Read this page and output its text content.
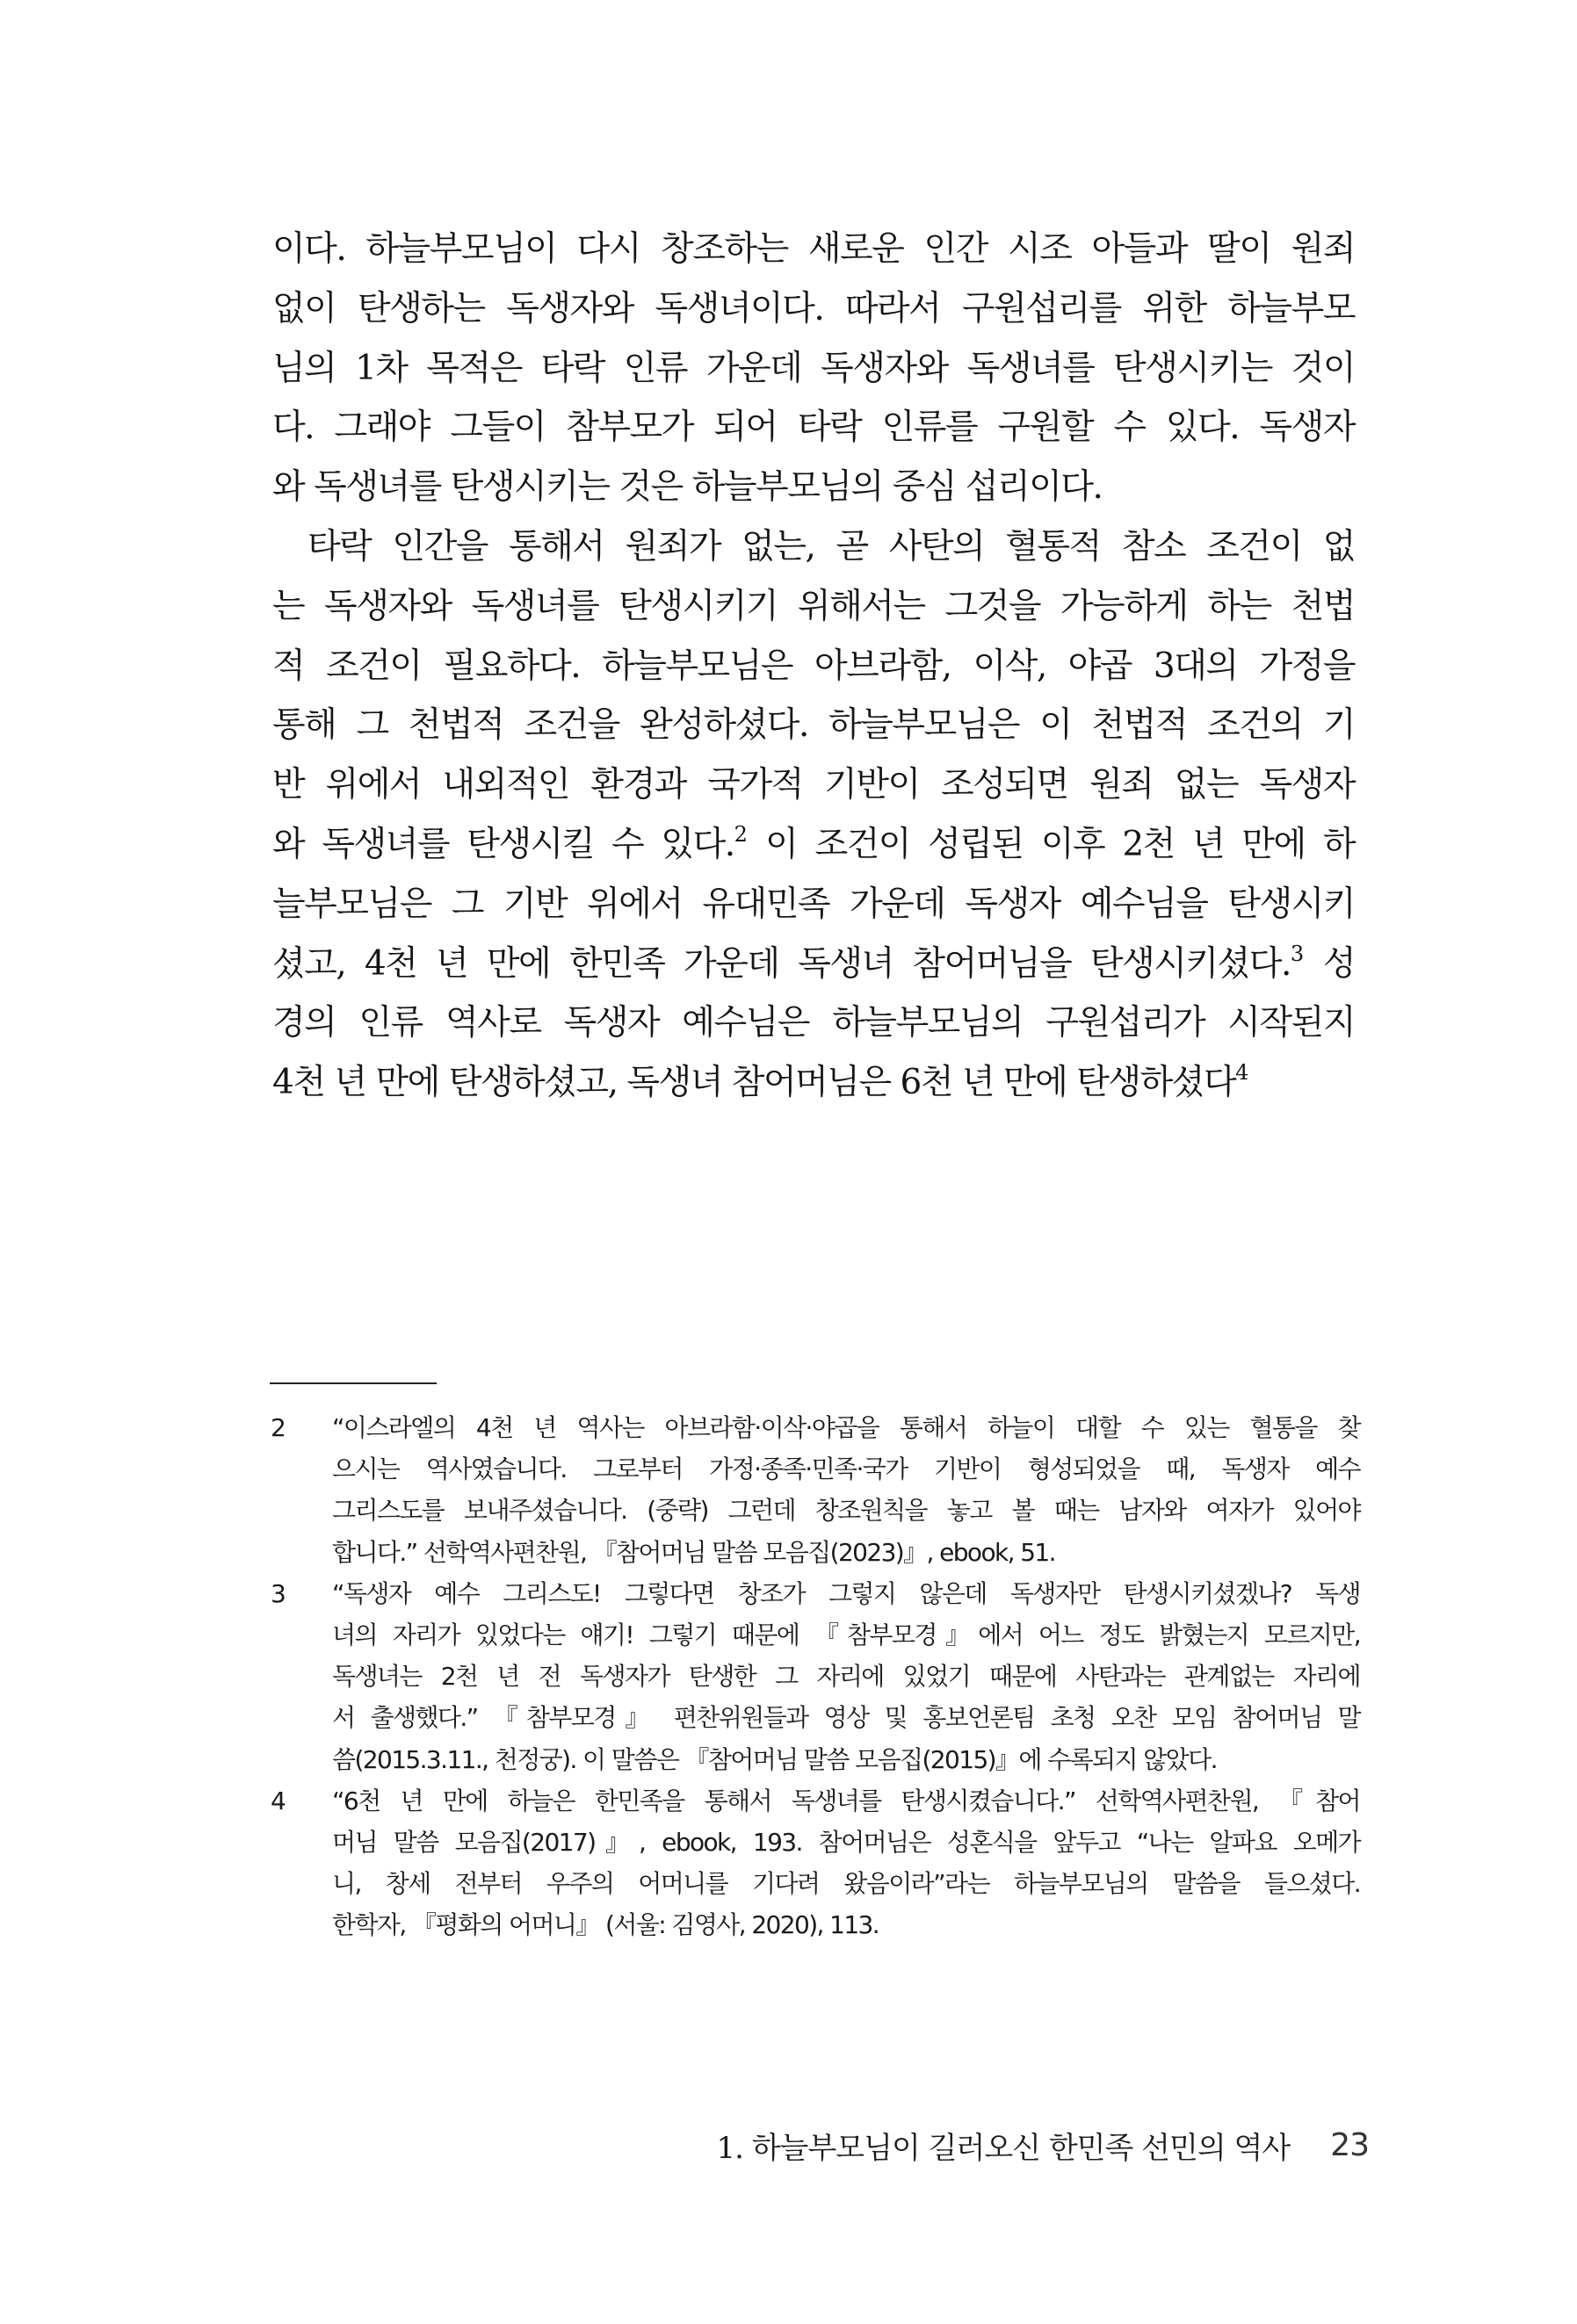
이다. 하늘부모님이 다시 창조하는 새로운 인간 시조 아들과 딸이 원죄
없이 탄생하는 독생자와 독생녀이다. 따라서 구원섭리를 위한 하늘부모
님의 1차 목적은 타락 인류 가운데 독생자와 독생녀를 탄생시키는 것이
다. 그래야 그들이 참부모가 되어 타락 인류를 구원할 수 있다. 독생자
와 독생녀를 탄생시키는 것은 하늘부모님의 중심 섭리이다.
타락 인간을 통해서 원죄가 없는, 곧 사탄의 혈통적 참소 조건이 없
는 독생자와 독생녀를 탄생시키기 위해서는 그것을 가능하게 하는 천법
적 조건이 필요하다. 하늘부모님은 아브라함, 이삭, 야곱 3대의 가정을
통해 그 천법적 조건을 완성하셨다. 하늘부모님은 이 천법적 조건의 기
반 위에서 내외적인 환경과 국가적 기반이 조성되면 원죄 없는 독생자
와 독생녀를 탄생시킬 수 있다.$^2$ 이 조건이 성립된 이후 2천 년 만에 하
늘부모님은 그 기반 위에서 유대민족 가운데 독생자 예수님을 탄생시키
셨고, 4천 년 만에 한민족 가운데 독생녀 참어머님을 탄생시키셨다.$^3$ 성
경의 인류 역사로 독생자 예수님은 하늘부모님의 구원섭리가 시작된지
4천 년 만에 탄생하셨고, 독생녀 참어머님은 6천 년 만에 탄생하셨다$^4$
2	“이스라엘의 4천 년 역사는 아브라함·이삭·야곱을 통해서 하늘이 대할 수 있는 혈통을 찾
으시는 역사였습니다. 그로부터 가정·종족·민족·국가 기반이 형성되었을 때, 독생자 예수
그리스도를 보내주셨습니다. (중략) 그런데 창조원칙을 놓고 볼 때는 남자와 여자가 있어야
합니다.” 선학역사편찬원, 『참어머님 말씀 모음집(2023)』, ebook, 51.
3	“독생자 예수 그리스도! 그렇다면 창조가 그렇지 않은데 독생자만 탄생시키셨겠나? 독생
녀의 자리가 있었다는 얘기! 그렇기 때문에 『참부모경』에서 어느 정도 밝혔는지 모르지만,
독생녀는 2천 년 전 독생자가 탄생한 그 자리에 있었기 때문에 사탄과는 관계없는 자리에
서 출생했다.” 『참부모경』 편찬위원들과 영상 및 홍보언론팀 초청 오찬 모임 참어머님 말
씀(2015.3.11., 천정궁). 이 말씀은 『참어머님 말씀 모음집(2015)』에 수록되지 않았다.
4	“6천 년 만에 하늘은 한민족을 통해서 독생녀를 탄생시켰습니다.” 선학역사편찬원, 『참어
머님 말씀 모음집(2017)』, ebook, 193. 참어머님은 성혼식을 앞두고 “나는 알파요 오메가
니, 창세 전부터 우주의 어머니를 기다려 왔음이라”라는 하늘부모님의 말씀을 들으셨다.
한학자, 『평화의 어머니』 (서울: 김영사, 2020), 113.
1. 하늘부모님이 길러오신 한민족 선민의 역사 23
